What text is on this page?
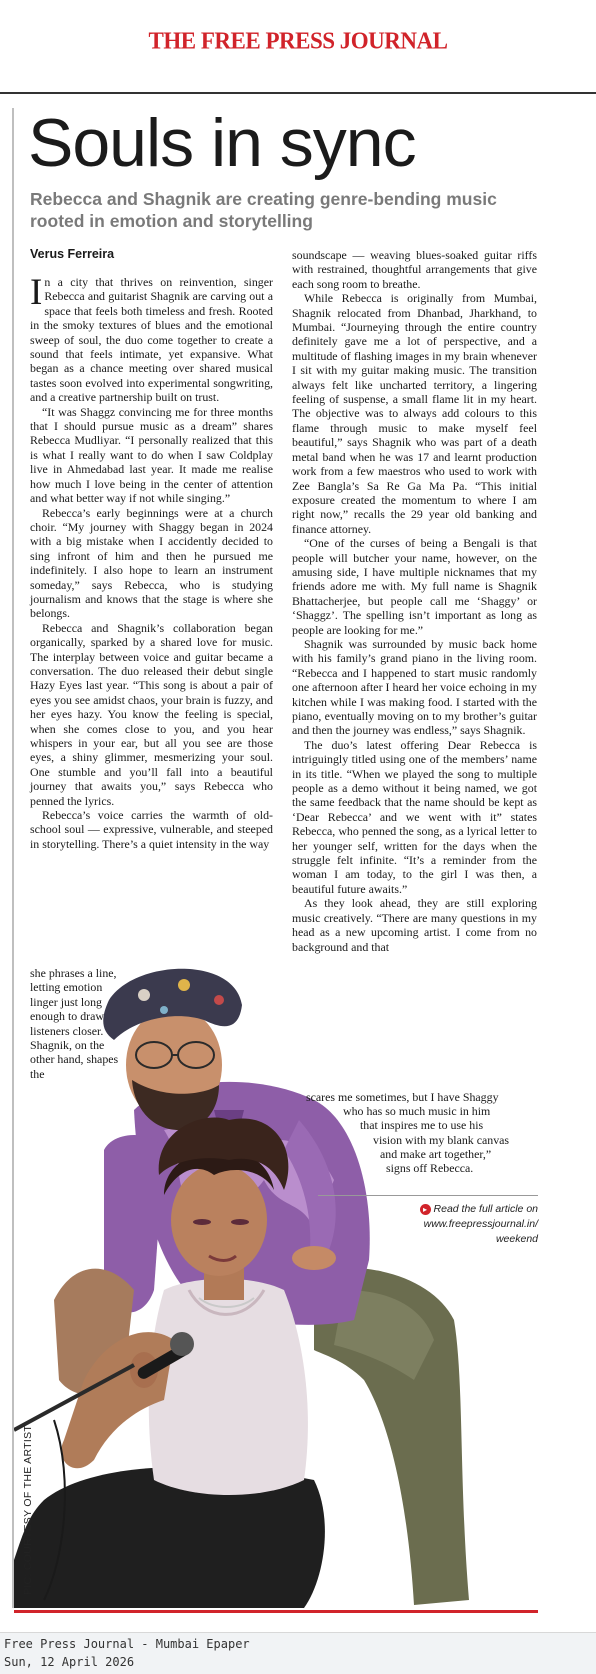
THE FREE PRESS JOURNAL
Souls in sync
Rebecca and Shagnik are creating genre-bending music rooted in emotion and storytelling
Verus Ferreira

In a city that thrives on reinvention, singer Rebecca and guitarist Shagnik are carving out a space that feels both timeless and fresh. Rooted in the smoky textures of blues and the emotional sweep of soul, the duo come together to create a sound that feels intimate, yet expansive. What began as a chance meeting over shared musical tastes soon evolved into experimental songwriting, and a creative partnership built on trust.

“It was Shaggz convincing me for three months that I should pursue music as a dream” shares Rebecca Mudliyar. “I personally realized that this is what I really want to do when I saw Coldplay live in Ahmedabad last year. It made me realise how much I love being in the center of attention and what better way if not while singing.”

Rebecca’s early beginnings were at a church choir. “My journey with Shaggy began in 2024 with a big mistake when I accidently decided to sing infront of him and then he pursued me indefinitely. I also hope to learn an instrument someday,” says Rebecca, who is studying journalism and knows that the stage is where she belongs.

Rebecca and Shagnik’s collaboration began organically, sparked by a shared love for music. The interplay between voice and guitar became a conversation. The duo released their debut single Hazy Eyes last year. “This song is about a pair of eyes you see amidst chaos, your brain is fuzzy, and her eyes hazy. You know the feeling is special, when she comes close to you, and you hear whispers in your ear, but all you see are those eyes, a shiny glimmer, mesmerizing your soul. One stumble and you’ll fall into a beautiful journey that awaits you,” says Rebecca who penned the lyrics.

Rebecca’s voice carries the warmth of old-school soul — expressive, vulnerable, and steeped in storytelling. There’s a quiet intensity in the way

she phrases a line, letting emotion linger just long enough to draw listeners closer. Shagnik, on the other hand, shapes the

soundscape — weaving blues-soaked guitar riffs with restrained, thoughtful arrangements that give each song room to breathe.

While Rebecca is originally from Mumbai, Shagnik relocated from Dhanbad, Jharkhand, to Mumbai. “Journeying through the entire country definitely gave me a lot of perspective, and a multitude of flashing images in my brain whenever I sit with my guitar making music. The transition always felt like uncharted territory, a lingering feeling of suspense, a small flame lit in my heart. The objective was to always add colours to this flame through music to make myself feel beautiful,” says Shagnik who was part of a death metal band when he was 17 and learnt production work from a few maestros who used to work with Zee Bangla’s Sa Re Ga Ma Pa. “This initial exposure created the momentum to where I am right now,” recalls the 29 year old banking and finance attorney.

“One of the curses of being a Bengali is that people will butcher your name, however, on the amusing side, I have multiple nicknames that my friends adore me with. My full name is Shagnik Bhattacherjee, but people call me ‘Shaggy’ or ‘Shaggz’. The spelling isn’t important as long as people are looking for me.”

Shagnik was surrounded by music back home with his family’s grand piano in the living room. “Rebecca and I happened to start music randomly one afternoon after I heard her voice echoing in my kitchen while I was making food. I started with the piano, eventually moving on to my brother’s guitar and then the journey was endless,” says Shagnik.

The duo’s latest offering Dear Rebecca is intriguingly titled using one of the members’ name in its title. “When we played the song to multiple people as a demo without it being named, we got the same feedback that the name should be kept as ‘Dear Rebecca’ and we went with it” states Rebecca, who penned the song, as a lyrical letter to her younger self, written for the days when the struggle felt infinite. “It’s a reminder from the woman I am today, to the girl I was then, a beautiful future awaits.”

As they look ahead, they are still exploring music creatively. “There are many questions in my head as a new upcoming artist. I come from no background and that

scares me sometimes, but I have Shaggy
who has so much music in him
that inspires me to use his
vision with my blank canvas
and make art together,”
signs off Rebecca.
▸ Read the full article on
www.freepressjournal.in/
weekend
PIC: COURTESY OF THE ARTIST
Free Press Journal - Mumbai Epaper
Sun, 12 April 2026
